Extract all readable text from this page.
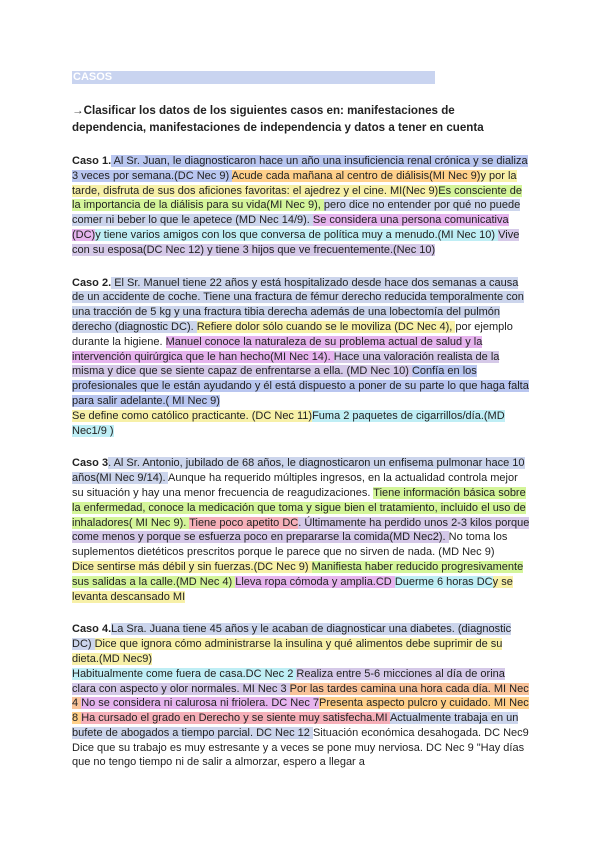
CASOS
→Clasificar los datos de los siguientes casos en: manifestaciones de dependencia, manifestaciones de independencia y datos a tener en cuenta
Caso 1. Al Sr. Juan, le diagnosticaron hace un año una insuficiencia renal crónica y se dializa 3 veces por semana.(DC Nec 9) Acude cada mañana al centro de diálisis(MI Nec 9)y por la tarde, disfruta de sus dos aficiones favoritas: el ajedrez y el cine. MI(Nec 9)Es consciente de la importancia de la diálisis para su vida(MI Nec 9), pero dice no entender por qué no puede comer ni beber lo que le apetece (MD Nec 14/9). Se considera una persona comunicativa (DC)y tiene varios amigos con los que conversa de política muy a menudo.(MI Nec 10) Vive con su esposa(DC Nec 12) y tiene 3 hijos que ve frecuentemente.(Nec 10)
Caso 2. El Sr. Manuel tiene 22 años y está hospitalizado desde hace dos semanas a causa de un accidente de coche. Tiene una fractura de fémur derecho reducida temporalmente con una tracción de 5 kg y una fractura tibia derecha además de una lobectomía del pulmón derecho (diagnostic DC). Refiere dolor sólo cuando se le moviliza (DC Nec 4), por ejemplo durante la higiene. Manuel conoce la naturaleza de su problema actual de salud y la intervención quirúrgica que le han hecho(MI Nec 14). Hace una valoración realista de la misma y dice que se siente capaz de enfrentarse a ella. (MD Nec 10) Confía en los profesionales que le están ayudando y él está dispuesto a poner de su parte lo que haga falta para salir adelante.( MI Nec 9)
Se define como católico practicante. (DC Nec 11)Fuma 2 paquetes de cigarrillos/día.(MD Nec1/9 )
Caso 3. Al Sr. Antonio, jubilado de 68 años, le diagnosticaron un enfisema pulmonar hace 10 años(MI Nec 9/14). Aunque ha requerido múltiples ingresos, en la actualidad controla mejor su situación y hay una menor frecuencia de reagudizaciones. Tiene información básica sobre la enfermedad, conoce la medicación que toma y sigue bien el tratamiento, incluido el uso de inhaladores( MI Nec 9). Tiene poco apetito DC. Últimamente ha perdido unos 2-3 kilos porque come menos y porque se esfuerza poco en prepararse la comida(MD Nec2). No toma los suplementos dietéticos prescritos porque le parece que no sirven de nada. (MD Nec 9)
Dice sentirse más débil y sin fuerzas.(DC Nec 9) Manifiesta haber reducido progresivamente sus salidas a la calle.(MD Nec 4) Lleva ropa cómoda y amplia.CD Duerme 6 horas DCy se levanta descansado MI
Caso 4.La Sra. Juana tiene 45 años y le acaban de diagnosticar una diabetes. (diagnostic DC) Dice que ignora cómo administrarse la insulina y qué alimentos debe suprimir de su dieta.(MD Nec9)
Habitualmente come fuera de casa.DC Nec 2 Realiza entre 5-6 micciones al día de orina clara con aspecto y olor normales. MI Nec 3 Por las tardes camina una hora cada día. MI Nec 4 No se considera ni calurosa ni friolera. DC Nec 7Presenta aspecto pulcro y cuidado. MI Nec 8 Ha cursado el grado en Derecho y se siente muy satisfecha.MI Actualmente trabaja en un bufete de abogados a tiempo parcial. DC Nec 12 Situación económica desahogada. DC Nec9 Dice que su trabajo es muy estresante y a veces se pone muy nerviosa. DC Nec 9 "Hay días que no tengo tiempo ni de salir a almorzar, espero a llegar a
